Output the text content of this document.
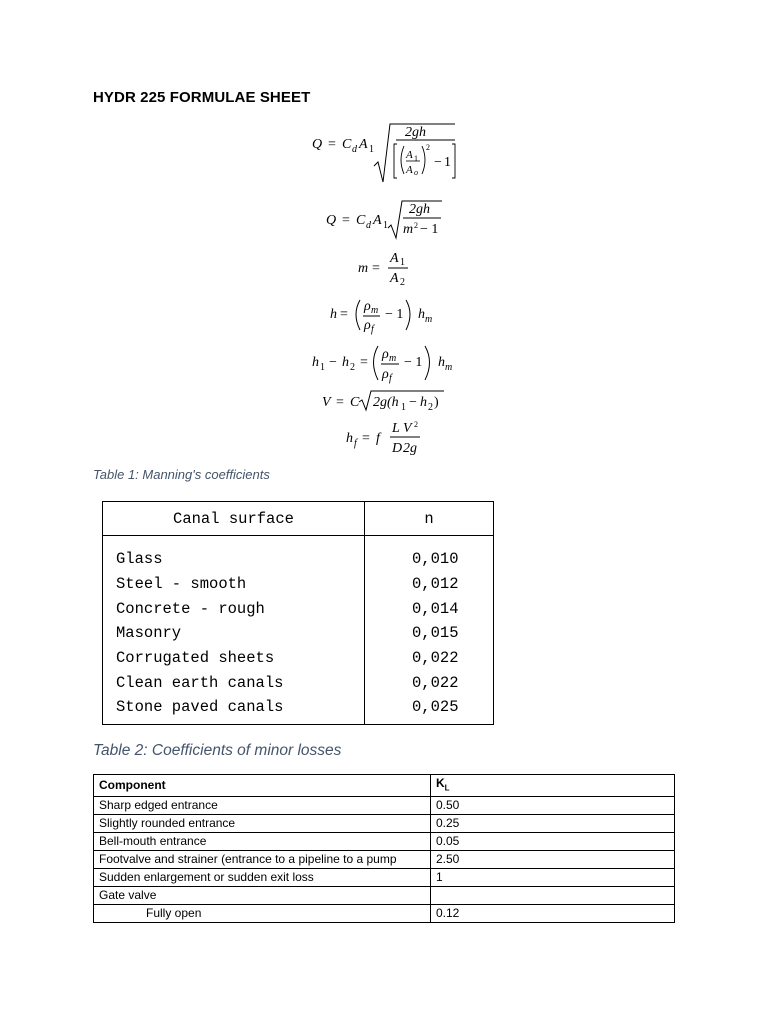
HYDR 225 FORMULAE SHEET
Q = C d A 1
2gh
A 1
A o
2
− 1
Q = C d A 1
2gh
m 2 − 1
m =
A 1
A 2
h =
ρ m
ρ f
− 1 h m
h 1 − h 2 =
ρ m
ρ f
− 1 h m
V = C 2g(h 1 − h 2 )
h f = f
L V 2
D 2g
Table 1: Manning's coefficients
Canal surface	n
Glass	0,010
Steel - smooth	0,012
Concrete - rough	0,014
Masonry	0,015
Corrugated sheets	0,022
Clean earth canals	0,022
Stone paved canals	0,025
Table 2: Coefficients of minor losses
Component	$K_L$
Sharp edged entrance	0.50
Slightly rounded entrance	0.25
Bell-mouth entrance	0.05
Footvalve and strainer (entrance to a pipeline to a pump	2.50
Sudden enlargement or sudden exit loss	1
Gate valve	
Fully open	0.12
